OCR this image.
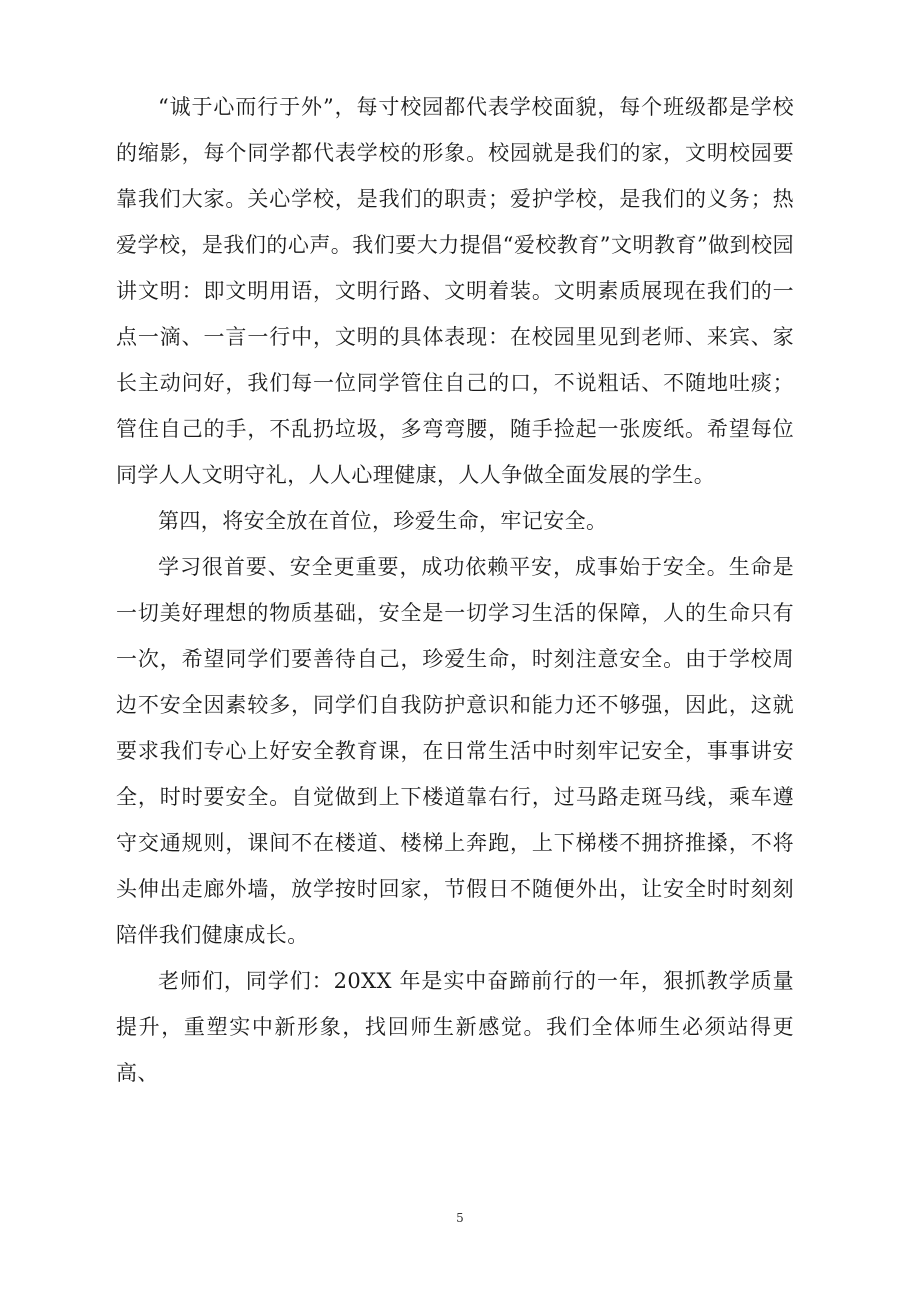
“诚于心而行于外”，每寸校园都代表学校面貌，每个班级都是学校的缩影，每个同学都代表学校的形象。校园就是我们的家，文明校园要靠我们大家。关心学校，是我们的职责；爱护学校，是我们的义务；热爱学校，是我们的心声。我们要大力提倡“爱校教育”文明教育”做到校园讲文明：即文明用语，文明行路、文明着装。文明素质展现在我们的一点一滴、一言一行中，文明的具体表现：在校园里见到老师、来宾、家长主动问好，我们每一位同学管住自己的口，不说粗话、不随地吐痰；管住自己的手，不乱扔垃圾，多弯弯腰，随手捡起一张废纸。希望每位同学人人文明守礼，人人心理健康，人人争做全面发展的学生。

第四，将安全放在首位，珍爱生命，牢记安全。

学习很首要、安全更重要，成功依赖平安，成事始于安全。生命是一切美好理想的物质基础，安全是一切学习生活的保障，人的生命只有一次，希望同学们要善待自己，珍爱生命，时刻注意安全。由于学校周边不安全因素较多，同学们自我防护意识和能力还不够强，因此，这就要求我们专心上好安全教育课，在日常生活中时刻牢记安全，事事讲安全，时时要安全。自觉做到上下楼道靠右行，过马路走斑马线，乘车遵守交通规则，课间不在楼道、楼梯上奔跑，上下梯楼不拥挤推搡，不将头伸出走廊外墙，放学按时回家，节假日不随便外出，让安全时时刻刻陪伴我们健康成长。

老师们，同学们：20XX 年是实中奋蹄前行的一年，狠抓教学质量提升，重塑实中新形象，找回师生新感觉。我们全体师生必须站得更高、

5
